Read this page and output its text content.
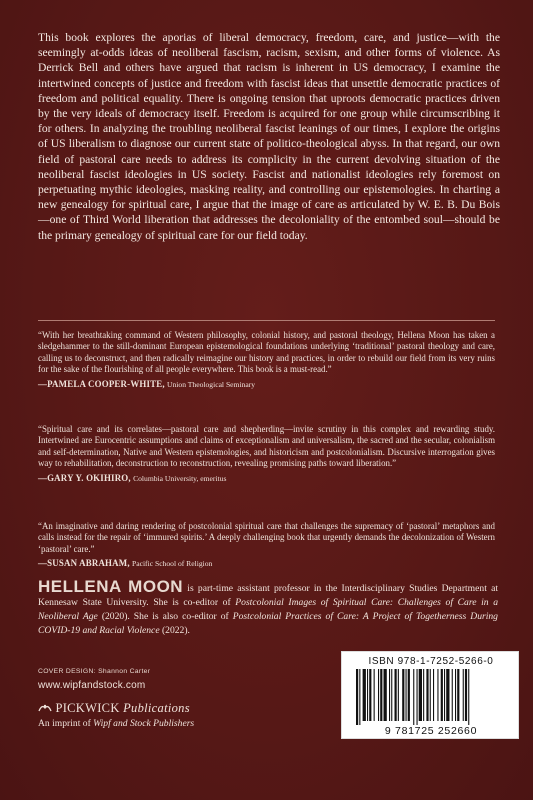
This book explores the aporias of liberal democracy, freedom, care, and justice—with the seemingly at-odds ideas of neoliberal fascism, racism, sexism, and other forms of violence. As Derrick Bell and others have argued that racism is inherent in US democracy, I examine the intertwined concepts of justice and freedom with fascist ideas that unsettle democratic practices of freedom and political equality. There is ongoing tension that uproots democratic practices driven by the very ideals of democracy itself. Freedom is acquired for one group while circumscribing it for others. In analyzing the troubling neoliberal fascist leanings of our times, I explore the origins of US liberalism to diagnose our current state of politico-theological abyss. In that regard, our own field of pastoral care needs to address its complicity in the current devolving situation of the neoliberal fascist ideologies in US society. Fascist and nationalist ideologies rely foremost on perpetuating mythic ideologies, masking reality, and controlling our epistemologies. In charting a new genealogy for spiritual care, I argue that the image of care as articulated by W. E. B. Du Bois—one of Third World liberation that addresses the decoloniality of the entombed soul—should be the primary genealogy of spiritual care for our field today.

“With her breathtaking command of Western philosophy, colonial history, and pastoral theology, Hellena Moon has taken a sledgehammer to the still-dominant European epistemological foundations underlying ‘traditional’ pastoral theology and care, calling us to deconstruct, and then radically reimagine our history and practices, in order to rebuild our field from its very ruins for the sake of the flourishing of all people everywhere. This book is a must-read.”
—PAMELA COOPER-WHITE, Union Theological Seminary
“Spiritual care and its correlates—pastoral care and shepherding—invite scrutiny in this complex and rewarding study. Intertwined are Eurocentric assumptions and claims of exceptionalism and universalism, the sacred and the secular, colonialism and self-determination, Native and Western epistemologies, and historicism and postcolonialism. Discursive interrogation gives way to rehabilitation, deconstruction to reconstruction, revealing promising paths toward liberation.”
—GARY Y. OKIHIRO, Columbia University, emeritus
“An imaginative and daring rendering of postcolonial spiritual care that challenges the supremacy of ‘pastoral’ metaphors and calls instead for the repair of ‘immured spirits.’ A deeply challenging book that urgently demands the decolonization of Western ‘pastoral’ care.”
—SUSAN ABRAHAM, Pacific School of Religion

HELLENA MOON is part-time assistant professor in the Interdisciplinary Studies Department at Kennesaw State University. She is co-editor of Postcolonial Images of Spiritual Care: Challenges of Care in a Neoliberal Age (2020). She is also co-editor of Postcolonial Practices of Care: A Project of Togetherness During COVID-19 and Racial Violence (2022).

COVER DESIGN: Shannon Carter
www.wipfandstock.com
PICKWICK Publications
An imprint of Wipf and Stock Publishers
ISBN 978-1-7252-5266-0
9 781725 252660
